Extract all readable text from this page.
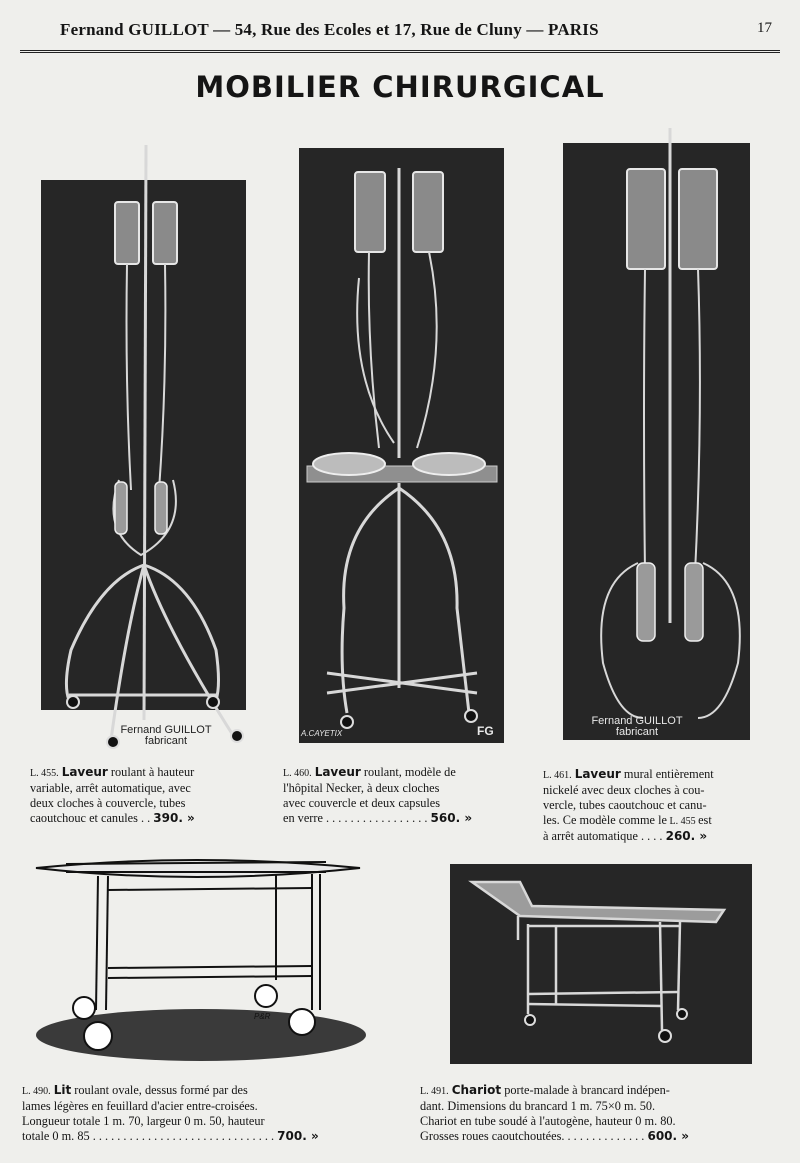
Fernand GUILLOT — 54, Rue des Ecoles et 17, Rue de Cluny — PARIS	17
MOBILIER CHIRURGICAL
Fernand GUILLOT
fabricant
A.CAYETIX	FG
Fernand GUILLOT
fabricant
L. 455. Laveur roulant à hauteur
variable, arrêt automatique, avec
deux cloches à couvercle, tubes
caoutchouc et canules . . 390. »
L. 460. Laveur roulant, modèle de
l'hôpital Necker, à deux cloches
avec couvercle et deux capsules
en verre . . . . . . . . . . . . . . . . . 560. »
L. 461. Laveur mural entièrement
nickelé avec deux cloches à cou-
vercle, tubes caoutchouc et canu-
les. Ce modèle comme le L. 455 est
à arrêt automatique . . . . 260. »
P&R
L. 490. Lit roulant ovale, dessus formé par des
lames légères en feuillard d'acier entre-croisées.
Longueur totale 1 m. 70, largeur 0 m. 50, hauteur
totale 0 m. 85 . . . . . . . . . . . . . . . . . . . . . . . . . . . . . . 700. »
L. 491. Chariot porte-malade à brancard indépen-
dant. Dimensions du brancard 1 m. 75×0 m. 50.
Chariot en tube soudé à l'autogène, hauteur 0 m. 80.
Grosses roues caoutchoutées. . . . . . . . . . . . . . 600. »
